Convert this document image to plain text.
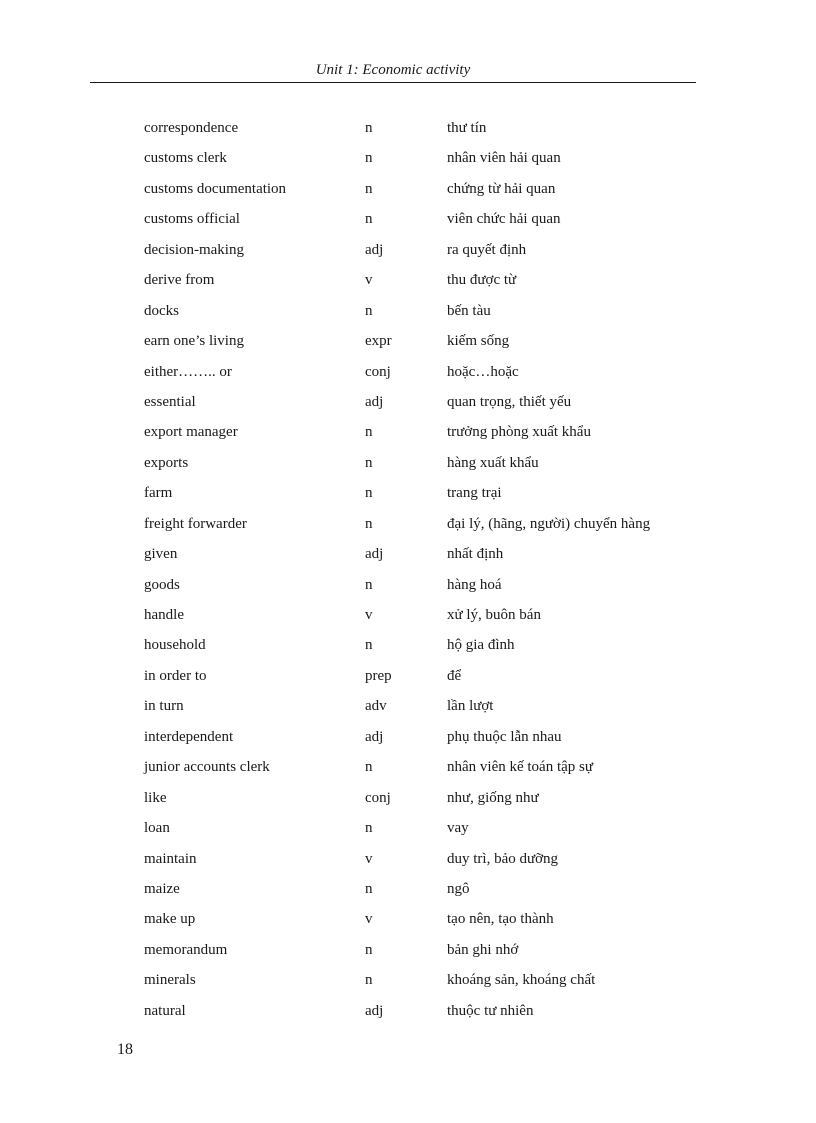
Unit 1: Economic activity
correspondence	n	thư tín
customs clerk	n	nhân viên hải quan
customs documentation	n	chứng từ hải quan
customs official	n	viên chức hải quan
decision-making	adj	ra quyết định
derive from	v	thu được từ
docks	n	bến tàu
earn one’s living	expr	kiếm sống
either…….. or	conj	hoặc…hoặc
essential	adj	quan trọng, thiết yếu
export manager	n	trưởng phòng xuất khẩu
exports	n	hàng xuất khẩu
farm	n	trang trại
freight forwarder	n	đại lý, (hãng, người) chuyển hàng
given	adj	nhất định
goods	n	hàng hoá
handle	v	xử lý, buôn bán
household	n	hộ gia đình
in order to	prep	để
in turn	adv	lần lượt
interdependent	adj	phụ thuộc lẫn nhau
junior accounts clerk	n	nhân viên kế toán tập sự
like	conj	như, giống như
loan	n	vay
maintain	v	duy trì, bảo dưỡng
maize	n	ngô
make up	v	tạo nên, tạo thành
memorandum	n	bản ghi nhớ
minerals	n	khoáng sản, khoáng chất
natural	adj	thuộc tư nhiên
18
